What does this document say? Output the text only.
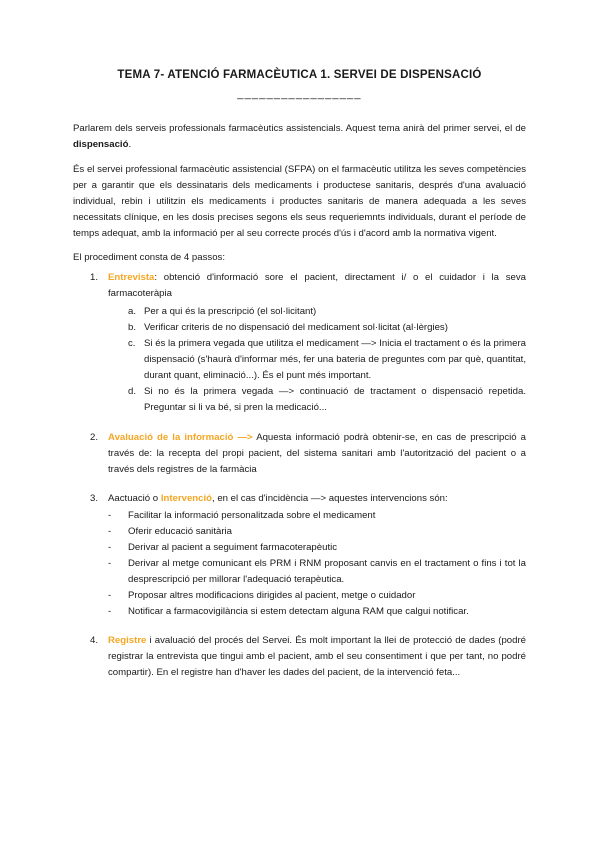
TEMA 7- ATENCIÓ FARMACÈUTICA 1. SERVEI DE DISPENSACIÓ
_________________
Parlarem dels serveis professionals farmacèutics assistencials. Aquest tema anirà del primer servei, el de dispensació.
És el servei professional farmacèutic assistencial (SFPA) on el farmacèutic utilitza les seves competències per a garantir que els dessinataris dels medicaments i productese sanitaris, després d'una avaluació individual, rebin i utilitzin els medicaments i productes sanitaris de manera adequada a les seves necessitats clínique, en les dosis precises segons els seus requeriemnts individuals, durant el període de temps adequat, amb la informació per al seu correcte procés d'ús i d'acord amb la normativa vigent.
El procediment consta de 4 passos:
1. Entrevista: obtenció d'informació sore el pacient, directament i/ o el cuidador i la seva farmacoteràpia
a. Per a qui és la prescripció (el sol·licitant)
b. Verificar criteris de no dispensació del medicament sol·licitat (al·lèrgies)
c. Si és la primera vegada que utilitza el medicament —> Inicia el tractament o és la primera dispensació (s'haurà d'informar més, fer una bateria de preguntes com par què, quantitat, durant quant, eliminació...). És el punt més important.
d. Si no és la primera vegada —> continuació de tractament o dispensació repetida. Preguntar si li va bé, si pren la medicació...
2. Avaluació de la informació —> Aquesta informació podrà obtenir-se, en cas de prescripció a través de: la recepta del propi pacient, del sistema sanitari amb l'autorització del pacient o a través dels registres de la farmàcia
3. Aactuació o Intervenció, en el cas d'incidència —> aquestes intervencions són:
- Facilitar la informació personalitzada sobre el medicament
- Oferir educació sanitària
- Derivar al pacient a seguiment farmacoterapèutic
- Derivar al metge comunicant els PRM i RNM proposant canvis en el tractament o fins i tot la desprescripció per millorar l'adequació terapèutica.
- Proposar altres modificacions dirigides al pacient, metge o cuidador
- Notificar a farmacovigilància si estem detectam alguna RAM que calgui notificar.
4. Registre i avaluació del procés del Servei. És molt important la llei de protecció de dades (podré registrar la entrevista que tingui amb el pacient, amb el seu consentiment i que per tant, no podré compartir). En el registre han d'haver les dades del pacient, de la intervenció feta...
